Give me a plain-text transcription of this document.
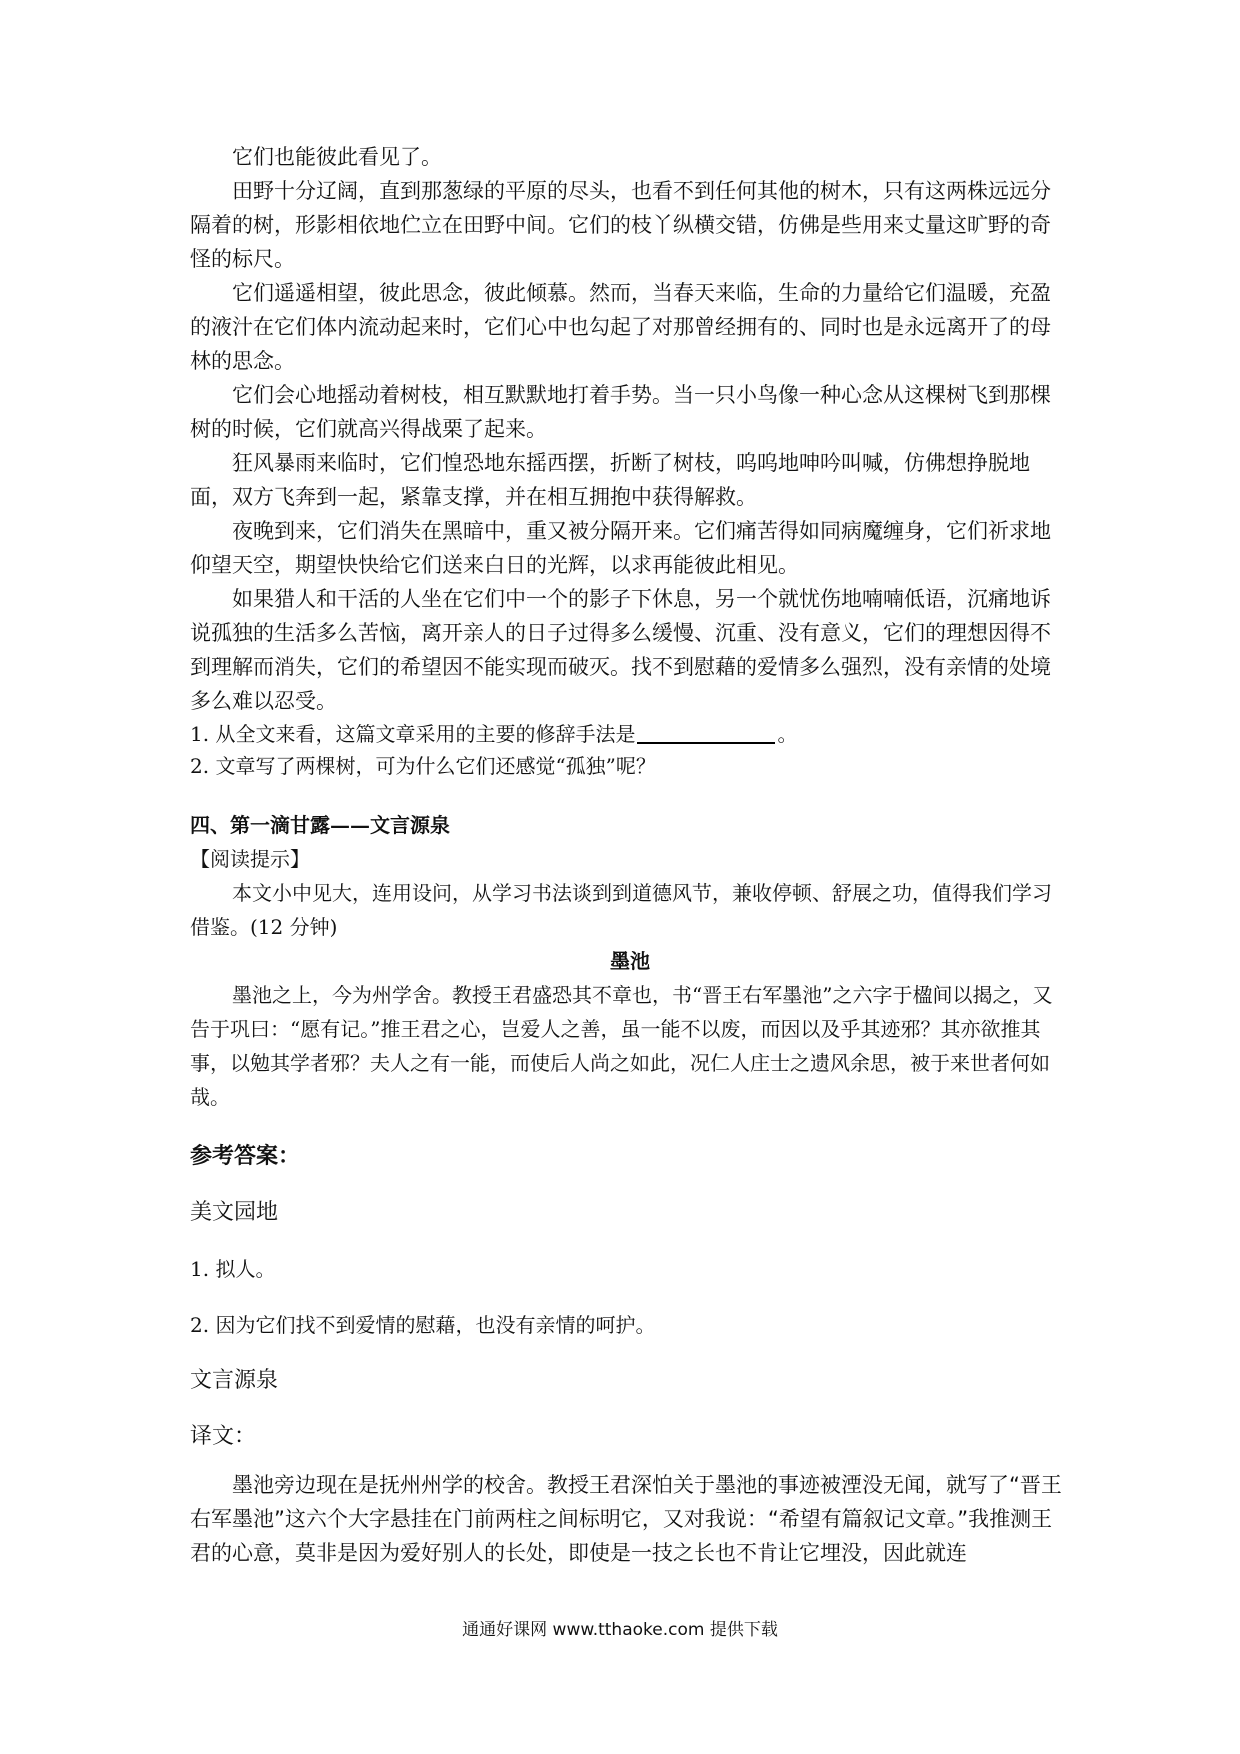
它们也能彼此看见了。

田野十分辽阔，直到那葱绿的平原的尽头，也看不到任何其他的树木，只有这两株远远分隔着的树，形影相依地伫立在田野中间。它们的枝丫纵横交错，仿佛是些用来丈量这旷野的奇怪的标尺。

它们遥遥相望，彼此思念，彼此倾慕。然而，当春天来临，生命的力量给它们温暖，充盈的液汁在它们体内流动起来时，它们心中也勾起了对那曾经拥有的、同时也是永远离开了的母林的思念。

它们会心地摇动着树枝，相互默默地打着手势。当一只小鸟像一种心念从这棵树飞到那棵树的时候，它们就高兴得战栗了起来。

狂风暴雨来临时，它们惶恐地东摇西摆，折断了树枝，呜呜地呻吟叫喊，仿佛想挣脱地面，双方飞奔到一起，紧靠支撑，并在相互拥抱中获得解救。

夜晚到来，它们消失在黑暗中，重又被分隔开来。它们痛苦得如同病魔缠身，它们祈求地仰望天空，期望快快给它们送来白日的光辉，以求再能彼此相见。

如果猎人和干活的人坐在它们中一个的影子下休息，另一个就忧伤地喃喃低语，沉痛地诉说孤独的生活多么苦恼，离开亲人的日子过得多么缓慢、沉重、没有意义，它们的理想因得不到理解而消失，它们的希望因不能实现而破灭。找不到慰藉的爱情多么强烈，没有亲情的处境多么难以忍受。

1. 从全文来看，这篇文章采用的主要的修辞手法是	。

2. 文章写了两棵树，可为什么它们还感觉“孤独”呢？

四、第一滴甘露——文言源泉

【阅读提示】

本文小中见大，连用设问，从学习书法谈到到道德风节，兼收停顿、舒展之功，值得我们学习借鉴。(12 分钟)

墨池

墨池之上，今为州学舍。教授王君盛恐其不章也，书“晋王右军墨池”之六字于楹间以揭之，又告于巩曰：“愿有记。”推王君之心，岂爱人之善，虽一能不以废，而因以及乎其迹邪？其亦欲推其事，以勉其学者邪？夫人之有一能，而使后人尚之如此，况仁人庄士之遗风余思，被于来世者何如哉。

参考答案：

美文园地

1. 拟人。

2. 因为它们找不到爱情的慰藉，也没有亲情的呵护。

文言源泉

译文：

墨池旁边现在是抚州州学的校舍。教授王君深怕关于墨池的事迹被湮没无闻，就写了“晋王右军墨池”这六个大字悬挂在门前两柱之间标明它，又对我说：“希望有篇叙记文章。”我推测王君的心意，莫非是因为爱好别人的长处，即使是一技之长也不肯让它埋没，因此就连

通通好课网 www.tthaoke.com 提供下载
